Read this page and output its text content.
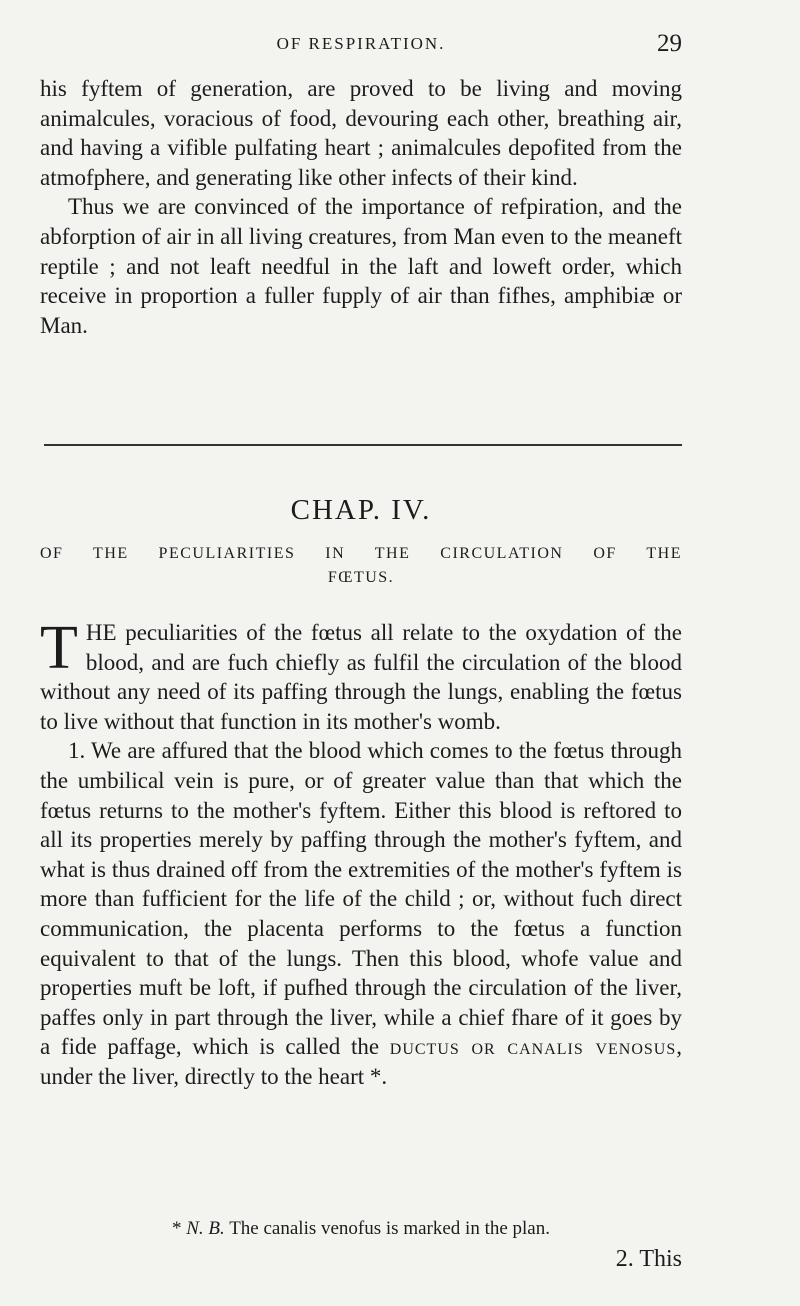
OF RESPIRATION.	29

his fyftem of generation, are proved to be living and moving animalcules, voracious of food, devouring each other, breathing air, and having a vifible pulfating heart ; animalcules depofited from the atmofphere, and generating like other infects of their kind.

Thus we are convinced of the importance of refpiration, and the abforption of air in all living creatures, from Man even to the meaneft reptile ; and not leaft needful in the laft and loweft order, which receive in proportion a fuller fupply of air than fifhes, amphibiæ or Man.

CHAP. IV.
OF THE PECULIARITIES IN THE CIRCULATION OF THE
FŒTUS.

THE peculiarities of the fœtus all relate to the oxydation of the blood, and are fuch chiefly as fulfil the circulation of the blood without any need of its paffing through the lungs, enabling the fœtus to live without that function in its mother's womb.

1. We are affured that the blood which comes to the fœtus through the umbilical vein is pure, or of greater value than that which the fœtus returns to the mother's fyftem. Either this blood is reftored to all its properties merely by paffing through the mother's fyftem, and what is thus drained off from the extremities of the mother's fyftem is more than fufficient for the life of the child ; or, without fuch direct communication, the placenta performs to the fœtus a function equivalent to that of the lungs. Then this blood, whofe value and properties muft be loft, if pufhed through the circulation of the liver, paffes only in part through the liver, while a chief fhare of it goes by a fide paffage, which is called the ductus or canalis venosus, under the liver, directly to the heart *.

* N. B. The canalis venofus is marked in the plan.
2. This
